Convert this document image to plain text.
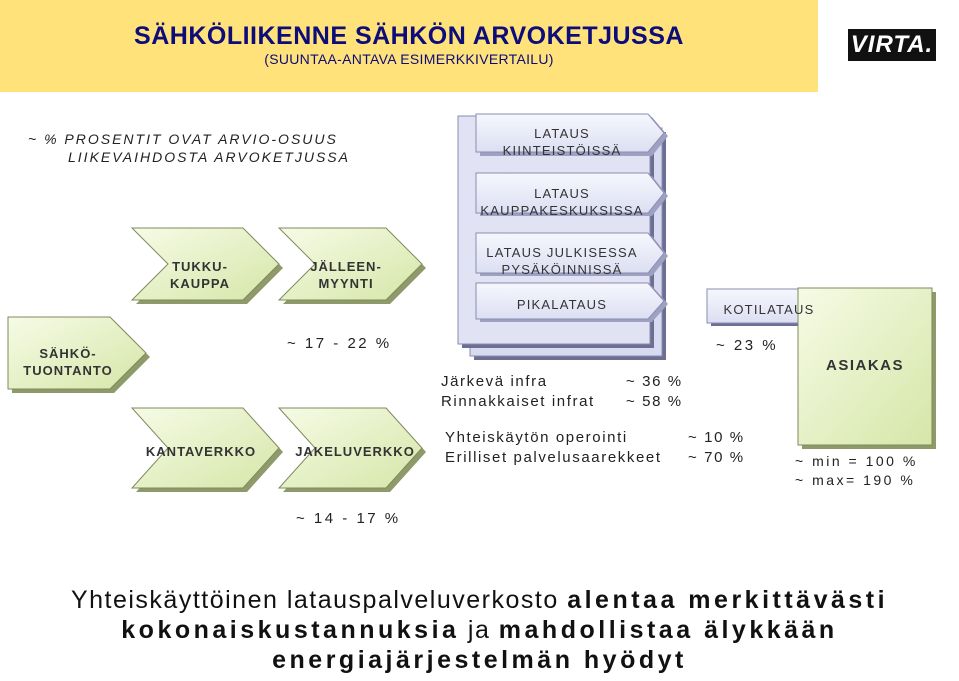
SÄHKÖLIIKENNE SÄHKÖN ARVOKETJUSSA
(SUUNTAA-ANTAVA ESIMERKKIVERTAILU)
VIRTA.
~ % PROSENTIT OVAT ARVIO-OSUUS
LIIKEVAIHDOSTA ARVOKETJUSSA
TUKKU-
KAUPPA
JÄLLEEN-
MYYNTI
SÄHKÖ-
TUONTANTO
KANTAVERKKO	JAKELUVERKKO
~ 17 - 22 %
~ 14 - 17 %
LATAUS
KIINTEISTÖISSÄ
LATAUS
KAUPPAKESKUKSISSA
LATAUS JULKISESSA
PYSÄKÖINNISSÄ
PIKALATAUS	KOTILATAUS
~ 23 %
Järkevä infra	~ 36 %
Rinnakkaiset infrat ~ 58 %
Yhteiskäytön operointi	~ 10 %
Erilliset palvelusaarekkeet ~ 70 %
ASIAKAS
~ min = 100 %
~ max= 190 %
Yhteiskäyttöinen latauspalveluverkosto alentaa merkittävästi
kokonaiskustannuksia ja mahdollistaa älykkään
energiajärjestelmän hyödyt
